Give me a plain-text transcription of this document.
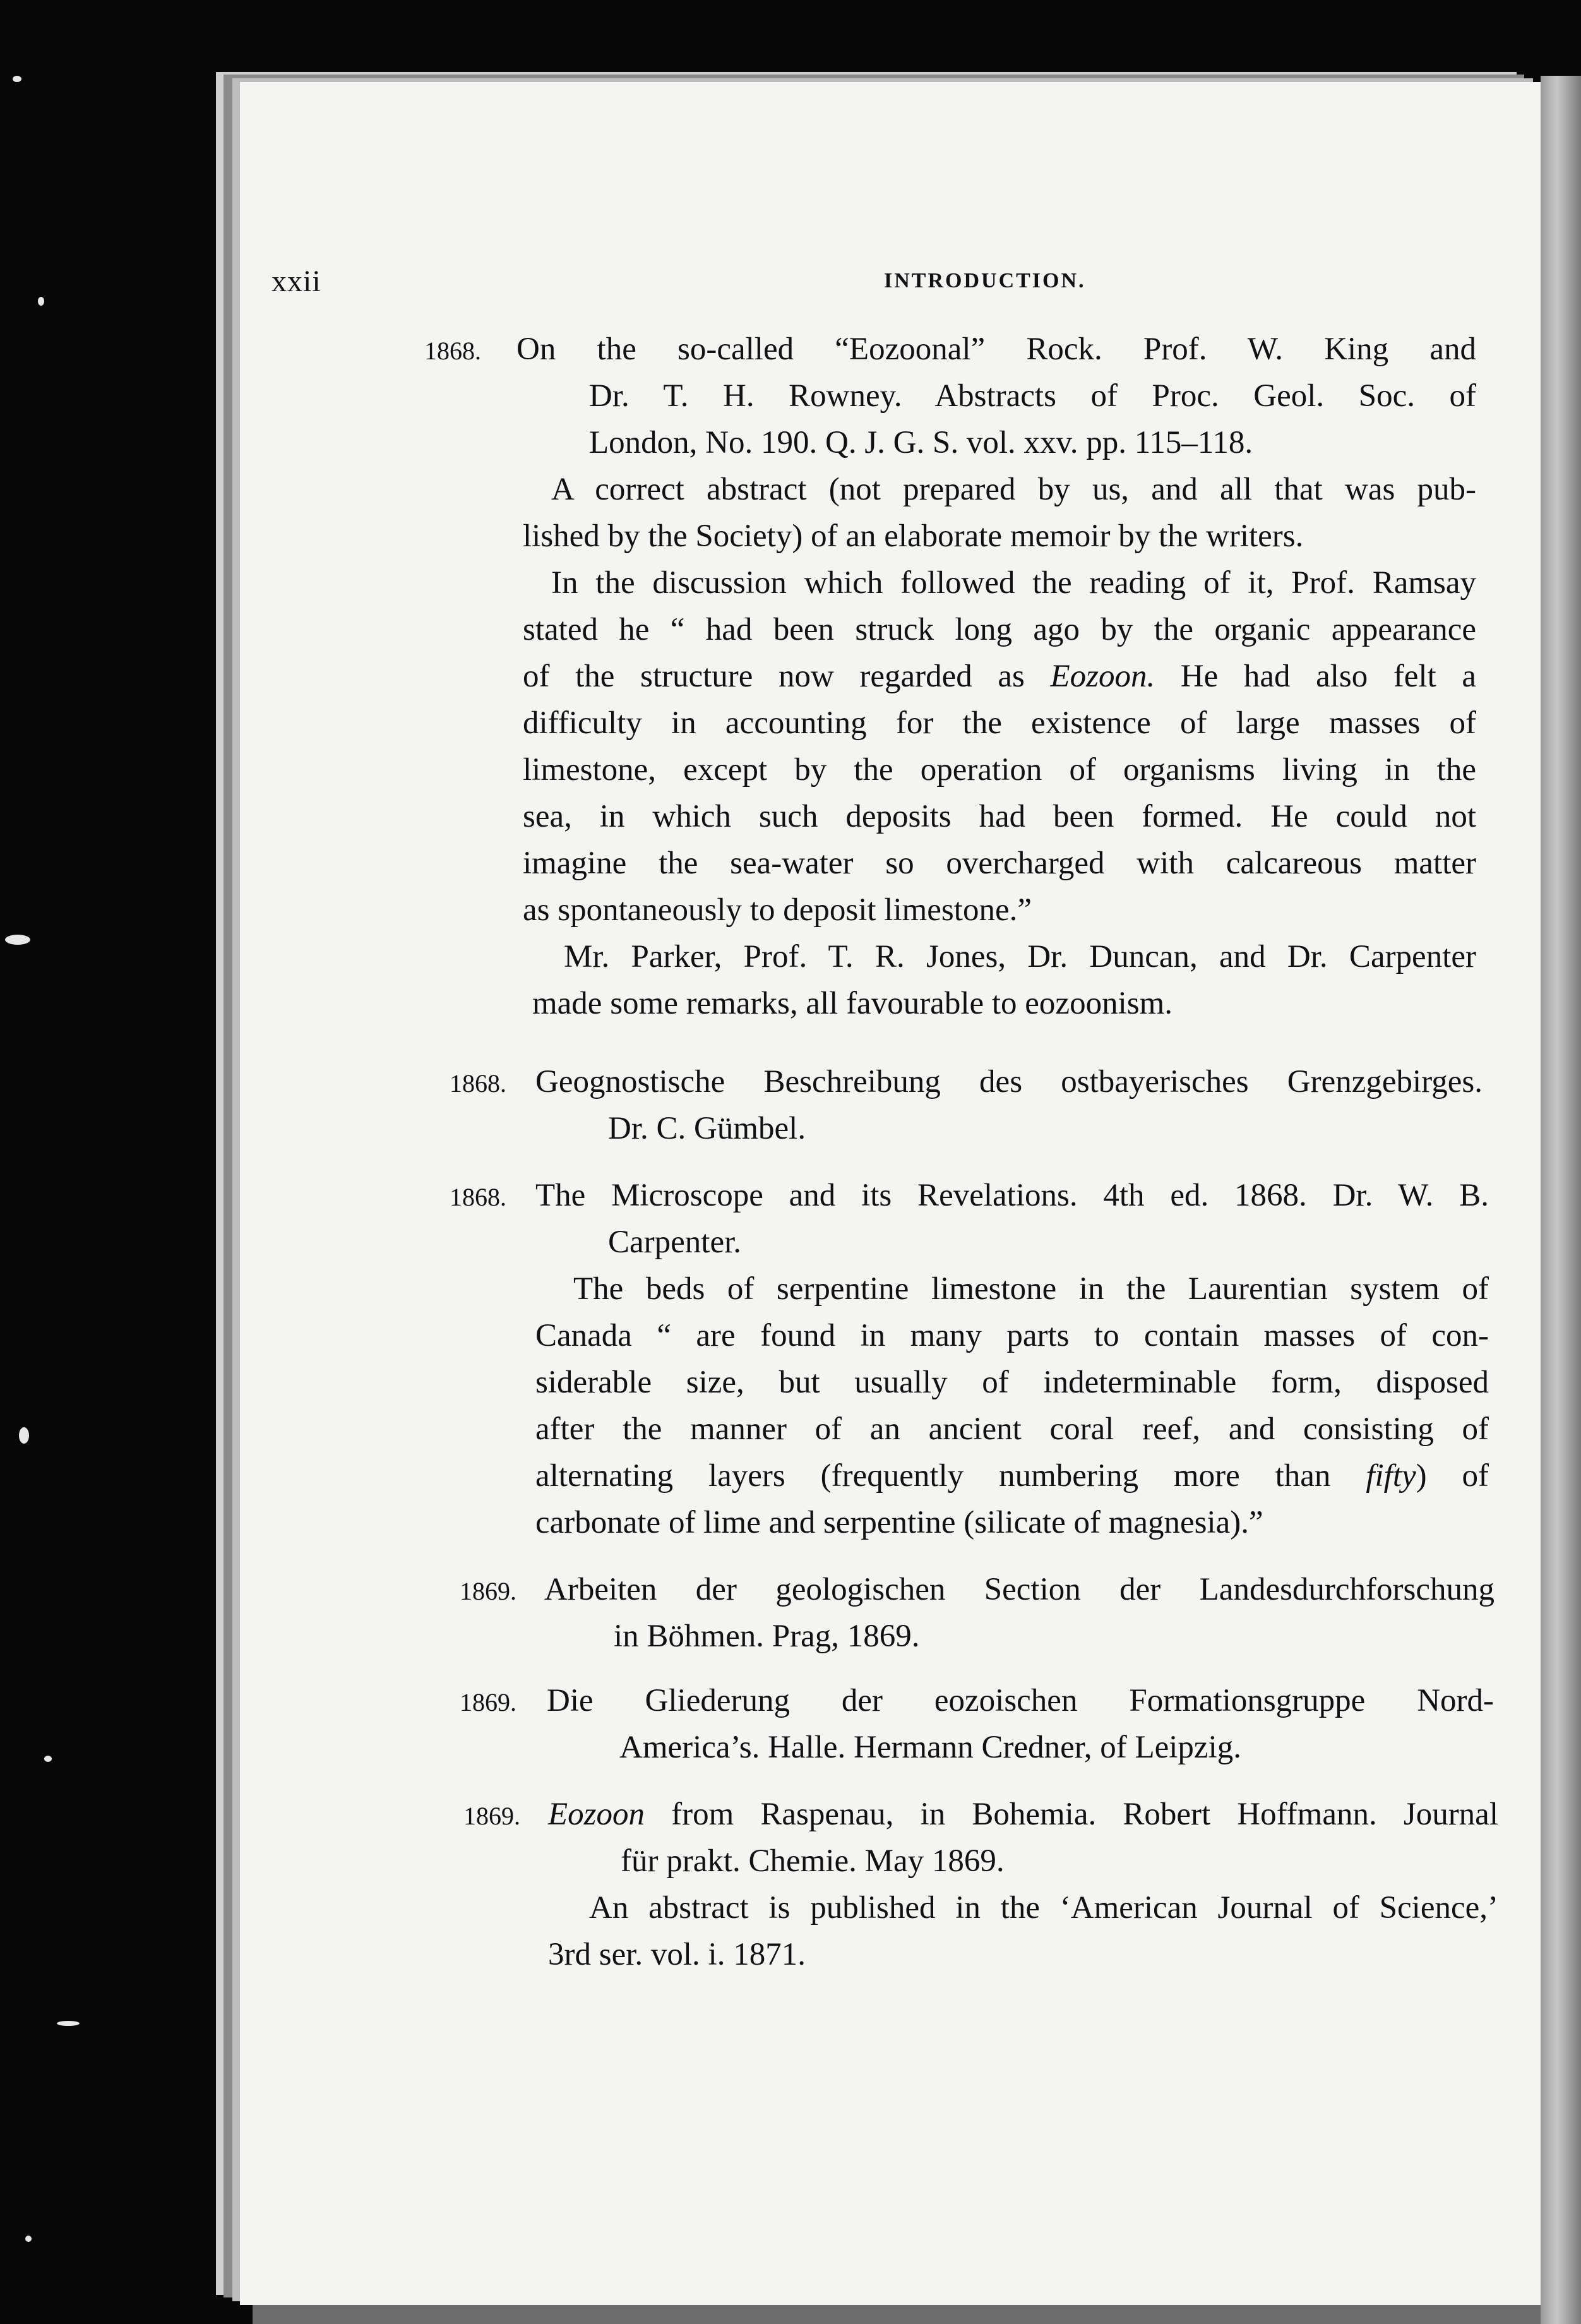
xxii	INTRODUCTION.
1868. On the so-called “Eozoonal” Rock. Prof. W. King and

Dr. T. H. Rowney. Abstracts of Proc. Geol. Soc. of

London, No. 190. Q. J. G. S. vol. xxv. pp. 115–118.

A correct abstract (not prepared by us, and all that was pub-

lished by the Society) of an elaborate memoir by the writers.

In the discussion which followed the reading of it, Prof. Ramsay

stated he “ had been struck long ago by the organic appearance

of the structure now regarded as Eozoon. He had also felt a

difficulty in accounting for the existence of large masses of

limestone, except by the operation of organisms living in the

sea, in which such deposits had been formed. He could not

imagine the sea-water so overcharged with calcareous matter

as spontaneously to deposit limestone.”

Mr. Parker, Prof. T. R. Jones, Dr. Duncan, and Dr. Carpenter

made some remarks, all favourable to eozoonism.

1868. Geognostische Beschreibung des ostbayerisches Grenzgebirges.

Dr. C. Gümbel.

1868. The Microscope and its Revelations. 4th ed. 1868. Dr. W. B.

Carpenter.

The beds of serpentine limestone in the Laurentian system of

Canada “ are found in many parts to contain masses of con-

siderable size, but usually of indeterminable form, disposed

after the manner of an ancient coral reef, and consisting of

alternating layers (frequently numbering more than fifty) of

carbonate of lime and serpentine (silicate of magnesia).”

1869. Arbeiten der geologischen Section der Landesdurchforschung

in Böhmen. Prag, 1869.

1869. Die Gliederung der eozoischen Formationsgruppe Nord-

America’s. Halle. Hermann Credner, of Leipzig.

1869. Eozoon from Raspenau, in Bohemia. Robert Hoffmann. Journal

für prakt. Chemie. May 1869.

An abstract is published in the ‘American Journal of Science,’

3rd ser. vol. i. 1871.
